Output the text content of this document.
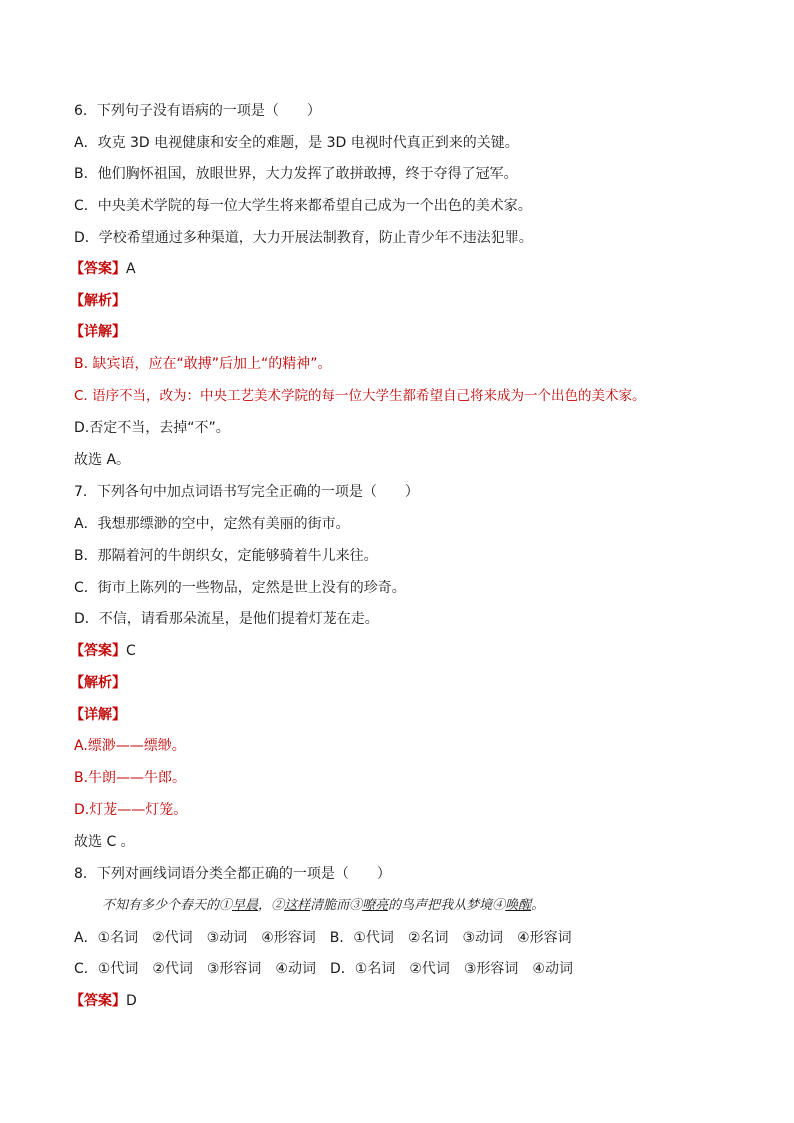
6．下列句子没有语病的一项是（　　）
A．攻克 3D 电视健康和安全的难题，是 3D 电视时代真正到来的关键。
B．他们胸怀祖国，放眼世界，大力发挥了敢拼敢搏，终于夺得了冠军。
C．中央美术学院的每一位大学生将来都希望自己成为一个出色的美术家。
D．学校希望通过多种渠道，大力开展法制教育，防止青少年不违法犯罪。
【答案】A
【解析】
【详解】
B. 缺宾语，应在“敢搏”后加上“的精神”。
C. 语序不当，改为：中央工艺美术学院的每一位大学生都希望自己将来成为一个出色的美术家。
D.否定不当，去掉“不”。
故选 A。
7．下列各句中加点词语书写完全正确的一项是（　　）
A．我想那缥渺的空中，定然有美丽的街市。
B．那隔着河的牛朗织女，定能够骑着牛儿来往。
C．街市上陈列的一些物品，定然是世上没有的珍奇。
D．不信，请看那朵流星，是他们提着灯茏在走。
【答案】C
【解析】
【详解】
A.缥渺——缥缈。
B.牛朗——牛郎。
D.灯茏——灯笼。
故选 C 。
8．下列对画线词语分类全都正确的一项是（　　）
不知有多少个春天的①早晨，②这样清脆而③嘹亮的鸟声把我从梦境④唤醒。
A．①名词　②代词　③动词　④形容词 B．①代词　②名词　③动词　④形容词
C．①代词　②代词　③形容词　④动词 D．①名词　②代词　③形容词　④动词
【答案】D
